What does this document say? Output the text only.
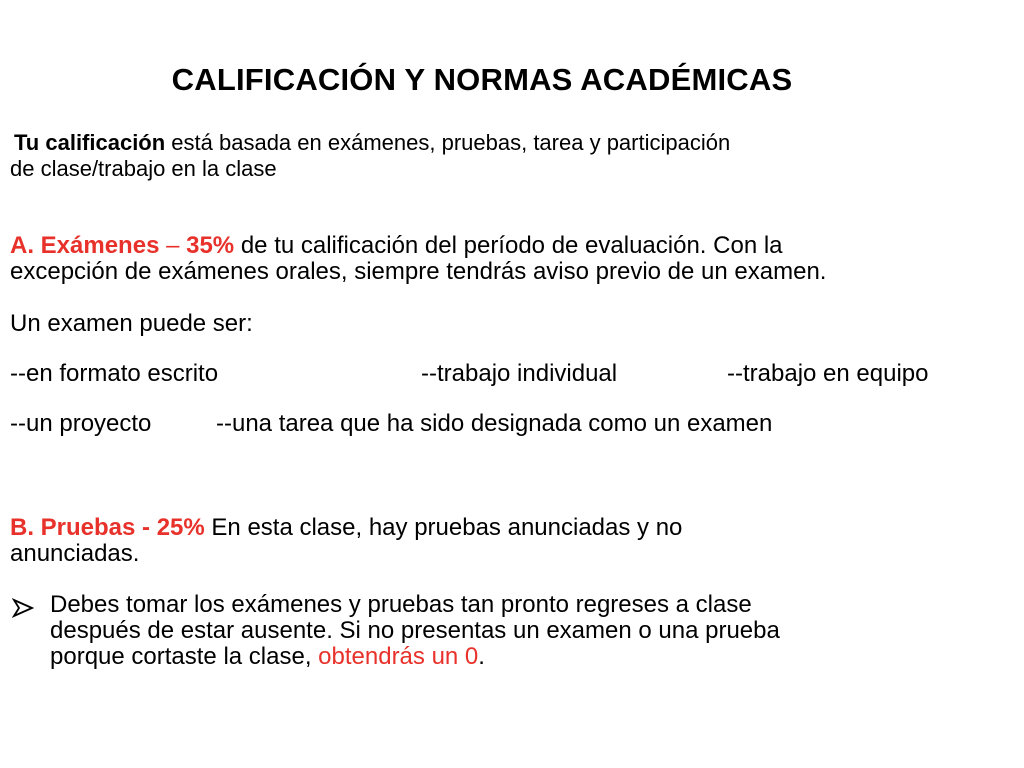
CALIFICACIÓN Y NORMAS ACADÉMICAS
Tu calificación está basada en exámenes, pruebas, tarea y participación
de clase/trabajo en la clase
A. Exámenes – 35% de tu calificación del período de evaluación. Con la
excepción de exámenes orales, siempre tendrás aviso previo de un examen.
Un examen puede ser:
--en formato escrito	--trabajo individual	--trabajo en equipo
--un proyecto	--una tarea que ha sido designada como un examen
B. Pruebas - 25% En esta clase, hay pruebas anunciadas y no
anunciadas.
Debes tomar los exámenes y pruebas tan pronto regreses a clase
después de estar ausente. Si no presentas un examen o una prueba
porque cortaste la clase, obtendrás un 0.
